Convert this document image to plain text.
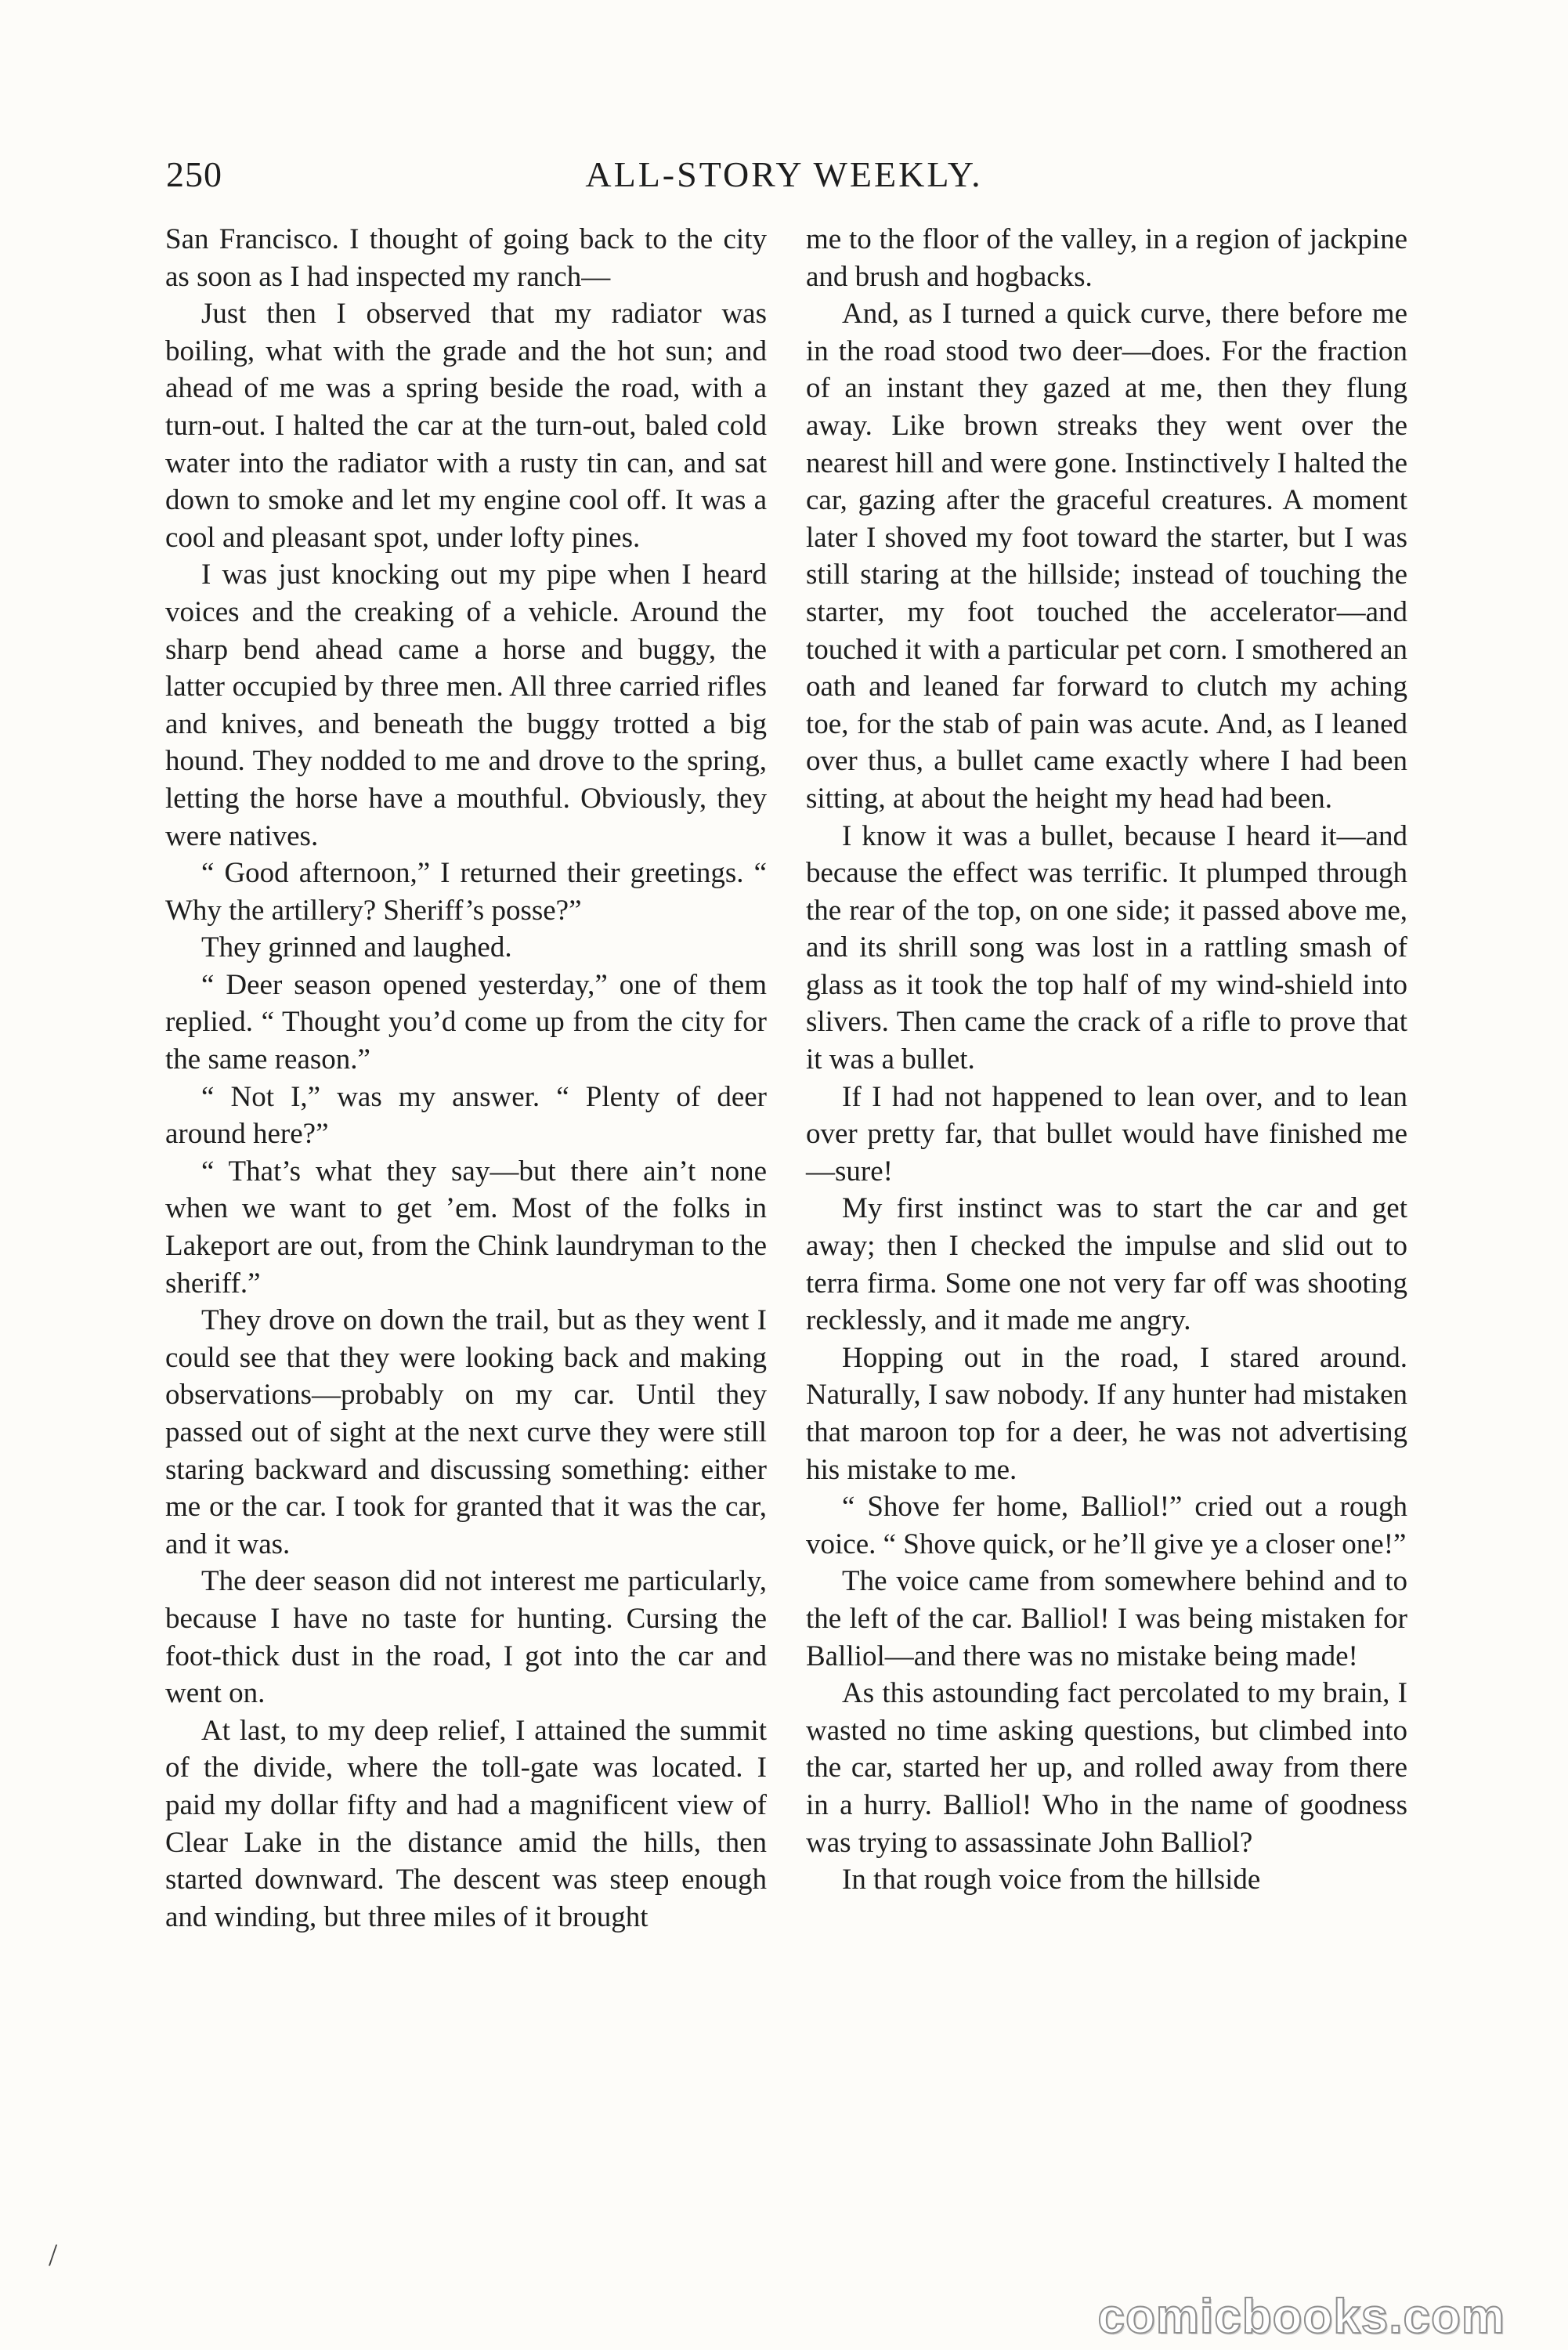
250	ALL-STORY WEEKLY.

San Francisco. I thought of going back to the city as soon as I had inspected my ranch—

Just then I observed that my radiator was boiling, what with the grade and the hot sun; and ahead of me was a spring beside the road, with a turn-out. I halted the car at the turn-out, baled cold water into the radiator with a rusty tin can, and sat down to smoke and let my engine cool off. It was a cool and pleasant spot, under lofty pines.

I was just knocking out my pipe when I heard voices and the creaking of a vehicle. Around the sharp bend ahead came a horse and buggy, the latter occupied by three men. All three carried rifles and knives, and beneath the buggy trotted a big hound. They nodded to me and drove to the spring, letting the horse have a mouthful. Obviously, they were natives.

“ Good afternoon,” I returned their greetings. “ Why the artillery? Sheriff’s posse?”

They grinned and laughed.

“ Deer season opened yesterday,” one of them replied. “ Thought you’d come up from the city for the same reason.”

“ Not I,” was my answer. “ Plenty of deer around here?”

“ That’s what they say—but there ain’t none when we want to get ’em. Most of the folks in Lakeport are out, from the Chink laundryman to the sheriff.”

They drove on down the trail, but as they went I could see that they were looking back and making observations—probably on my car. Until they passed out of sight at the next curve they were still staring backward and discussing something: either me or the car. I took for granted that it was the car, and it was.

The deer season did not interest me particularly, because I have no taste for hunting. Cursing the foot-thick dust in the road, I got into the car and went on.

At last, to my deep relief, I attained the summit of the divide, where the toll-gate was located. I paid my dollar fifty and had a magnificent view of Clear Lake in the distance amid the hills, then started downward. The descent was steep enough and winding, but three miles of it brought

me to the floor of the valley, in a region of jackpine and brush and hogbacks.

And, as I turned a quick curve, there before me in the road stood two deer—does. For the fraction of an instant they gazed at me, then they flung away. Like brown streaks they went over the nearest hill and were gone. Instinctively I halted the car, gazing after the graceful creatures. A moment later I shoved my foot toward the starter, but I was still staring at the hillside; instead of touching the starter, my foot touched the accelerator—and touched it with a particular pet corn. I smothered an oath and leaned far forward to clutch my aching toe, for the stab of pain was acute. And, as I leaned over thus, a bullet came exactly where I had been sitting, at about the height my head had been.

I know it was a bullet, because I heard it—and because the effect was terrific. It plumped through the rear of the top, on one side; it passed above me, and its shrill song was lost in a rattling smash of glass as it took the top half of my wind-shield into slivers. Then came the crack of a rifle to prove that it was a bullet.

If I had not happened to lean over, and to lean over pretty far, that bullet would have finished me—sure!

My first instinct was to start the car and get away; then I checked the impulse and slid out to terra firma. Some one not very far off was shooting recklessly, and it made me angry.

Hopping out in the road, I stared around. Naturally, I saw nobody. If any hunter had mistaken that maroon top for a deer, he was not advertising his mistake to me.

“ Shove fer home, Balliol!” cried out a rough voice. “ Shove quick, or he’ll give ye a closer one!”

The voice came from somewhere behind and to the left of the car. Balliol! I was being mistaken for Balliol—and there was no mistake being made!

As this astounding fact percolated to my brain, I wasted no time asking questions, but climbed into the car, started her up, and rolled away from there in a hurry. Balliol! Who in the name of goodness was trying to assassinate John Balliol?

In that rough voice from the hillside

/
comicbooks.com
